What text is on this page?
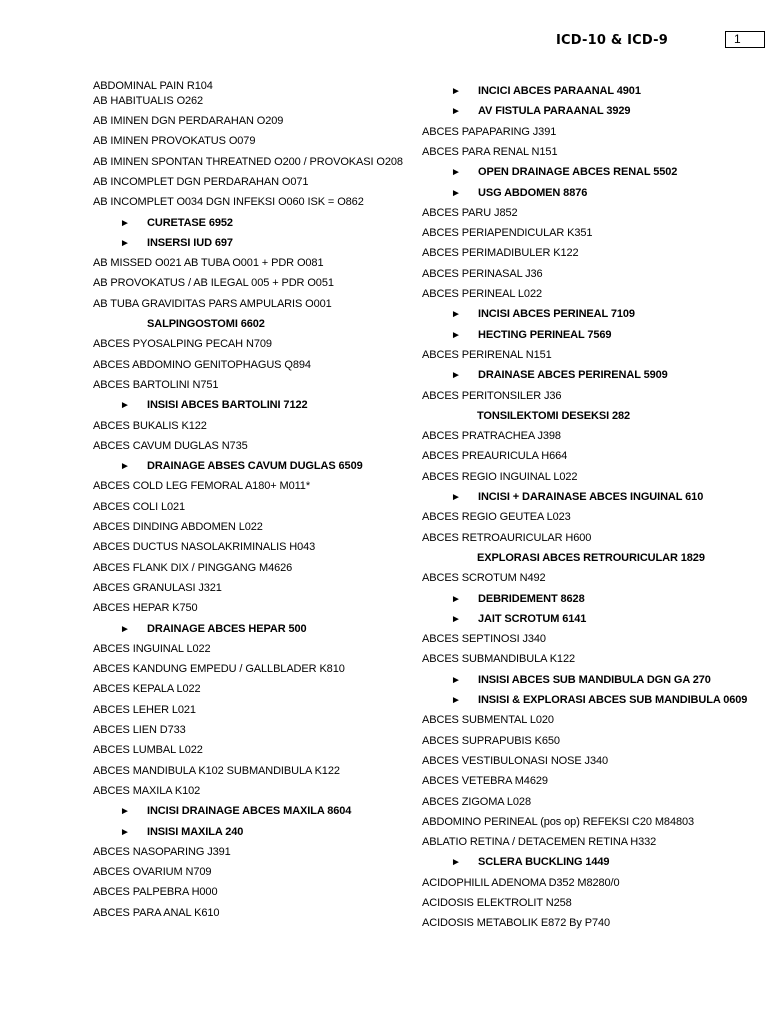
ICD-10 & ICD-9	1
ABDOMINAL PAIN R104
AB HABITUALIS O262
AB IMINEN DGN PERDARAHAN O209
AB IMINEN PROVOKATUS O079
AB IMINEN SPONTAN THREATNED O200 / PROVOKASI O208
AB INCOMPLET DGN PERDARAHAN O071
AB INCOMPLET O034 DGN INFEKSI O060 ISK = O862
► CURETASE 6952
► INSERSI IUD 697
AB MISSED O021 AB TUBA O001 + PDR O081
AB PROVOKATUS / AB ILEGAL 005 + PDR O051
AB TUBA GRAVIDITAS PARS AMPULARIS O001
SALPINGOSTOMI 6602
ABCES PYOSALPING PECAH N709
ABCES ABDOMINO GENITOPHAGUS Q894
ABCES BARTOLINI N751
► INSISI ABCES BARTOLINI 7122
ABCES BUKALIS K122
ABCES CAVUM DUGLAS N735
► DRAINAGE ABSES CAVUM DUGLAS 6509
ABCES COLD LEG FEMORAL A180+ M011*
ABCES COLI L021
ABCES DINDING ABDOMEN L022
ABCES DUCTUS NASOLAKRIMINALIS H043
ABCES FLANK DIX / PINGGANG M4626
ABCES GRANULASI J321
ABCES HEPAR K750
► DRAINAGE ABCES HEPAR 500
ABCES INGUINAL L022
ABCES KANDUNG EMPEDU / GALLBLADER K810
ABCES KEPALA L022
ABCES LEHER L021
ABCES LIEN D733
ABCES LUMBAL L022
ABCES MANDIBULA K102 SUBMANDIBULA K122
ABCES MAXILA K102
► INCISI DRAINAGE ABCES MAXILA 8604
► INSISI MAXILA 240
ABCES NASOPARING J391
ABCES OVARIUM N709
ABCES PALPEBRA H000
ABCES PARA ANAL K610
► INCICI ABCES PARAANAL 4901
► AV FISTULA PARAANAL 3929
ABCES PAPAPARING J391
ABCES PARA RENAL N151
► OPEN DRAINAGE ABCES RENAL 5502
► USG ABDOMEN 8876
ABCES PARU J852
ABCES PERIAPENDICULAR K351
ABCES PERIMADIBULER K122
ABCES PERINASAL J36
ABCES PERINEAL L022
► INCISI ABCES PERINEAL 7109
► HECTING PERINEAL 7569
ABCES PERIRENAL N151
► DRAINASE ABCES PERIRENAL 5909
ABCES PERITONSILER J36
TONSILEKTOMI DESEKSI 282
ABCES PRATRACHEA J398
ABCES PREAURICULA H664
ABCES REGIO INGUINAL L022
► INCISI + DARAINASE ABCES INGUINAL 610
ABCES REGIO GEUTEA L023
ABCES RETROAURICULAR H600
EXPLORASI ABCES RETROURICULAR 1829
ABCES SCROTUM N492
► DEBRIDEMENT 8628
► JAIT SCROTUM 6141
ABCES SEPTINOSI J340
ABCES SUBMANDIBULA K122
► INSISI ABCES SUB MANDIBULA DGN GA 270
► INSISI & EXPLORASI ABCES SUB MANDIBULA 0609
ABCES SUBMENTAL L020
ABCES SUPRAPUBIS K650
ABCES VESTIBULONASI NOSE J340
ABCES VETEBRA M4629
ABCES ZIGOMA L028
ABDOMINO PERINEAL (pos op) REFEKSI C20 M84803
ABLATIO RETINA / DETACEMEN RETINA H332
► SCLERA BUCKLING 1449
ACIDOPHILIL ADENOMA D352 M8280/0
ACIDOSIS ELEKTROLIT N258
ACIDOSIS METABOLIK E872 By P740
